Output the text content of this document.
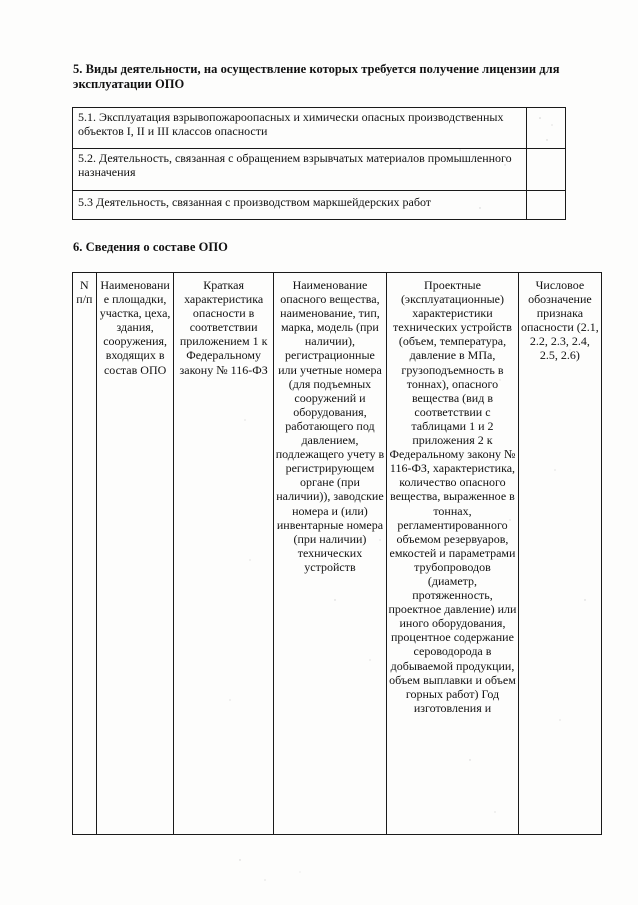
5. Виды деятельности, на осуществление которых требуется получение лицензии для эксплуатации ОПО
5.1. Эксплуатация взрывопожароопасных и химически опасных производственных объектов I, II и III классов опасности	
5.2. Деятельность, связанная с обращением взрывчатых материалов промышленного назначения	
5.3 Деятельность, связанная с производством маркшейдерских работ	
6. Сведения о составе ОПО
N п/п	Наименование площадки, участка, цеха, здания, сооружения, входящих в состав ОПО	Краткая характеристика опасности в соответствии приложением 1 к Федеральному закону № 116-ФЗ	Наименование опасного вещества, наименование, тип, марка, модель (при наличии), регистрационные или учетные номера (для подъемных сооружений и оборудования, работающего под давлением, подлежащего учету в регистрирующем органе (при наличии)), заводские номера и (или) инвентарные номера (при наличии) технических устройств	Проектные (эксплуатационные) характеристики технических устройств (объем, температура, давление в МПа, грузоподъемность в тоннах), опасного вещества (вид в соответствии с таблицами 1 и 2 приложения 2 к Федеральному закону № 116-ФЗ, характеристика, количество опасного вещества, выраженное в тоннах, регламентированного объемом резервуаров, емкостей и параметрами трубопроводов (диаметр, протяженность, проектное давление) или иного оборудования, процентное содержание сероводорода в добываемой продукции, объем выплавки и объем горных работ) Год изготовления и	Числовое обозначение признака опасности (2.1, 2.2, 2.3, 2.4, 2.5, 2.6)
